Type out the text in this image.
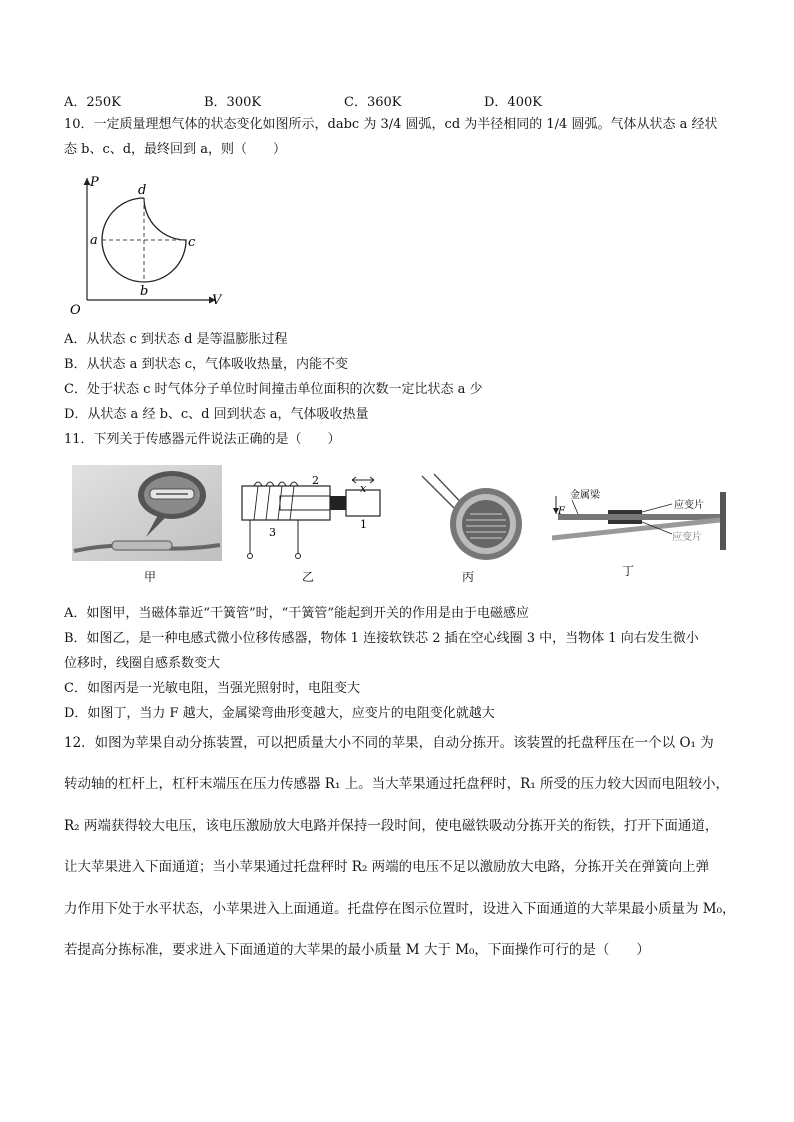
A．250K	B．300K	C．360K	D．400K
10．一定质量理想气体的状态变化如图所示，dabc 为 3/4 圆弧，cd 为半径相同的 1/4 圆弧。气体从状态 a 经状
态 b、c、d，最终回到 a，则（　　）
P
V
O
d
a	c
b
A．从状态 c 到状态 d 是等温膨胀过程
B．从状态 a 到状态 c，气体吸收热量，内能不变
C．处于状态 c 时气体分子单位时间撞击单位面积的次数一定比状态 a 少
D．从状态 a 经 b、c、d 回到状态 a，气体吸收热量
11．下列关于传感器元件说法正确的是（　　）
甲
2
3
1
x
乙	丙
金属梁
F
应变片
应变片
丁
A．如图甲，当磁体靠近“干簧管”时，“干簧管”能起到开关的作用是由于电磁感应
B．如图乙，是一种电感式微小位移传感器，物体 1 连接软铁芯 2 插在空心线圈 3 中，当物体 1 向右发生微小
位移时，线圈自感系数变大
C．如图丙是一光敏电阻，当强光照射时，电阻变大
D．如图丁，当力 F 越大，金属梁弯曲形变越大，应变片的电阻变化就越大
12．如图为苹果自动分拣装置，可以把质量大小不同的苹果，自动分拣开。该装置的托盘秤压在一个以 O₁ 为
转动轴的杠杆上，杠杆末端压在压力传感器 R₁ 上。当大苹果通过托盘秤时，R₁ 所受的压力较大因而电阻较小，
R₂ 两端获得较大电压，该电压激励放大电路并保持一段时间，使电磁铁吸动分拣开关的衔铁，打开下面通道，
让大苹果进入下面通道；当小苹果通过托盘秤时 R₂ 两端的电压不足以激励放大电路，分拣开关在弹簧向上弹
力作用下处于水平状态，小苹果进入上面通道。托盘停在图示位置时，设进入下面通道的大苹果最小质量为 M₀，
若提高分拣标准，要求进入下面通道的大苹果的最小质量 M 大于 M₀，下面操作可行的是（　　）
